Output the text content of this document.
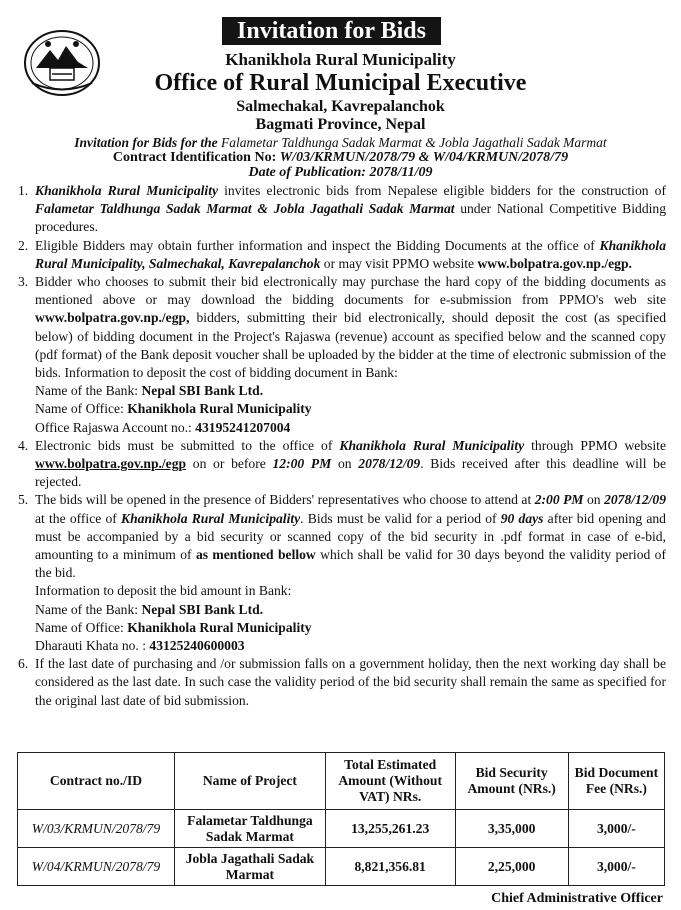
Invitation for Bids
Khanikhola Rural Municipality
Office of Rural Municipal Executive
Salmechakal, Kavrepalanchok
Bagmati Province, Nepal
Invitation for Bids for the Falametar Taldhunga Sadak Marmat & Jobla Jagathali Sadak Marmat
Contract Identification No: W/03/KRMUN/2078/79 & W/04/KRMUN/2078/79
Date of Publication: 2078/11/09

1. Khanikhola Rural Municipality invites electronic bids from Nepalese eligible bidders for the construction of Falametar Taldhunga Sadak Marmat & Jobla Jagathali Sadak Marmat under National Competitive Bidding procedures.

2. Eligible Bidders may obtain further information and inspect the Bidding Documents at the office of Khanikhola Rural Municipality, Salmechakal, Kavrepalanchok or may visit PPMO website www.bolpatra.gov.np./egp.

3. Bidder who chooses to submit their bid electronically may purchase the hard copy of the bidding documents as mentioned above or may download the bidding documents for e-submission from PPMO's web site www.bolpatra.gov.np./egp, bidders, submitting their bid electronically, should deposit the cost (as specified below) of bidding document in the Project's Rajaswa (revenue) account as specified below and the scanned copy (pdf format) of the Bank deposit voucher shall be uploaded by the bidder at the time of electronic submission of the bids. Information to deposit the cost of bidding document in Bank:

Name of the Bank: Nepal SBI Bank Ltd.
Name of Office: Khanikhola Rural Municipality
Office Rajaswa Account no.: 43195241207004

4. Electronic bids must be submitted to the office of Khanikhola Rural Municipality through PPMO website www.bolpatra.gov.np./egp on or before 12:00 PM on 2078/12/09. Bids received after this deadline will be rejected.

5. The bids will be opened in the presence of Bidders' representatives who choose to attend at 2:00 PM on 2078/12/09 at the office of Khanikhola Rural Municipality. Bids must be valid for a period of 90 days after bid opening and must be accompanied by a bid security or scanned copy of the bid security in .pdf format in case of e-bid, amounting to a minimum of as mentioned bellow which shall be valid for 30 days beyond the validity period of the bid.

Information to deposit the bid amount in Bank:
Name of the Bank: Nepal SBI Bank Ltd.
Name of Office: Khanikhola Rural Municipality
Dharauti Khata no. : 43125240600003

6. If the last date of purchasing and /or submission falls on a government holiday, then the next working day shall be considered as the last date. In such case the validity period of the bid security shall remain the same as specified for the original last date of bid submission.

Contract no./ID	Name of Project	Total Estimated Amount (Without VAT) NRs.	Bid Security Amount (NRs.)	Bid Document Fee (NRs.)
W/03/KRMUN/2078/79	Falametar Taldhunga Sadak Marmat	13,255,261.23	3,35,000	3,000/-
W/04/KRMUN/2078/79	Jobla Jagathali Sadak Marmat	8,821,356.81	2,25,000	3,000/-
Chief Administrative Officer
